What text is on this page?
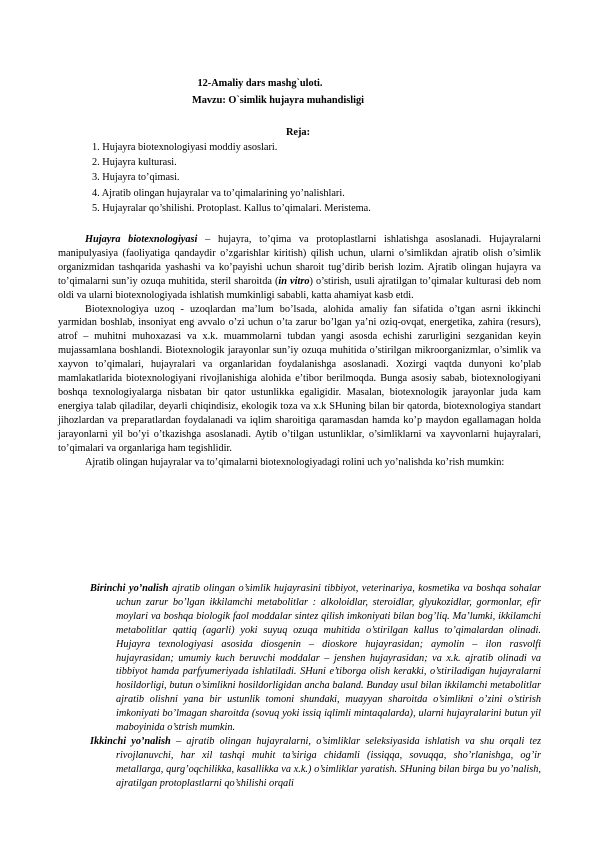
12-Amaliy dars mashg`uloti.
Mavzu: O`simlik hujayra muhandisligi
Reja:
1. Hujayra biotexnologiyasi moddiy asoslari.
2. Hujayra kulturasi.
3. Hujayra to’qimasi.
4. Ajratib olingan hujayralar va to’qimalarining yo’nalishlari.
5. Hujayralar qo’shilishi. Protoplast. Kallus to’qimalari. Meristema.

Hujayra biotexnologiyasi – hujayra, to’qima va protoplastlarni ishlatishga asoslanadi. Hujayralarni manipulyasiya (faoliyatiga qandaydir o’zgarishlar kiritish) qilish uchun, ularni o’simlikdan ajratib olish o’simlik organizmidan tashqarida yashashi va ko’payishi uchun sharoit tug’dirib berish lozim. Ajratib olingan hujayra va to’qimalarni sun’iy ozuqa muhitida, steril sharoitda (in vitro) o’stirish, usuli ajratilgan to’qimalar kulturasi deb nom oldi va ularni biotexnologiyada ishlatish mumkinligi sababli, katta ahamiyat kasb etdi.

Biotexnologiya uzoq - uzoqlardan ma’lum bo’lsada, alohida amaliy fan sifatida o’tgan asrni ikkinchi yarmidan boshlab, insoniyat eng avvalo o’zi uchun o’ta zarur bo’lgan ya’ni oziq-ovqat, energetika, zahira (resurs), atrof – muhitni muhoxazasi va x.k. muammolarni tubdan yangi asosda echishi zarurligini sezganidan keyin mujassamlana boshlandi. Biotexnologik jarayonlar sun’iy ozuqa muhitida o’stirilgan mikroorganizmlar, o’simlik va xayvon to’qimalari, hujayralari va organlaridan foydalanishga asoslanadi. Xozirgi vaqtda dunyoni ko’plab mamlakatlarida biotexnologiyani rivojlanishiga alohida e’tibor berilmoqda. Bunga asosiy sabab, biotexnologiyani boshqa texnologiyalarga nisbatan bir qator ustunlikka egaligidir. Masalan, biotexnologik jarayonlar juda kam energiya talab qiladilar, deyarli chiqindisiz, ekologik toza va x.k SHuning bilan bir qatorda, biotexnologiya standart jihozlardan va preparatlardan foydalanadi va iqlim sharoitiga qaramasdan hamda ko’p maydon egallamagan holda jarayonlarni yil bo’yi o’tkazishga asoslanadi. Aytib o’tilgan ustunliklar, o’simliklarni va xayvonlarni hujayralari, to’qimalari va organlariga ham tegishlidir.

Ajratib olingan hujayralar va to’qimalarni biotexnologiyadagi rolini uch yo’nalishda ko’rish mumkin:

Birinchi yo’nalish ajratib olingan o’simlik hujayrasini tibbiyot, veterinariya, kosmetika va boshqa sohalar uchun zarur bo’lgan ikkilamchi metabolitlar : alkoloidlar, steroidlar, glyukozidlar, gormonlar, efir moylari va boshqa biologik faol moddalar sintez qilish imkoniyati bilan bog’liq. Ma’lumki, ikkilamchi metabolitlar qattiq (agarli) yoki suyuq ozuqa muhitida o’stirilgan kallus to’qimalardan olinadi. Hujayra texnologiyasi asosida diosgenin – dioskore hujayrasidan; aymolin – ilon rasvolfi hujayrasidan; umumiy kuch beruvchi moddalar – jenshen hujayrasidan; va x.k. ajratib olinadi va tibbiyot hamda parfyumeriyada ishlatiladi. SHuni e’tiborga olish kerakki, o’stiriladigan hujayralarni hosildorligi, butun o’simlikni hosildorligidan ancha baland. Bunday usul bilan ikkilamchi metabolitlar ajratib olishni yana bir ustunlik tomoni shundaki, muayyan sharoitda o’simlikni o’zini o’stirish imkoniyati bo’lmagan sharoitda (sovuq yoki issiq iqlimli mintaqalarda), ularni hujayralarini butun yil maboyinida o’strish mumkin.

Ikkinchi yo’nalish – ajratib olingan hujayralarni, o’simliklar seleksiyasida ishlatish va shu orqali tez rivojlanuvchi, har xil tashqi muhit ta’siriga chidamli (issiqqa, sovuqqa, sho’rlanishga, og’ir metallarga, qurg’oqchilikka, kasallikka va x.k.) o’simliklar yaratish. SHuning bilan birga bu yo’nalish, ajratilgan protoplastlarni qo’shilishi orqali
